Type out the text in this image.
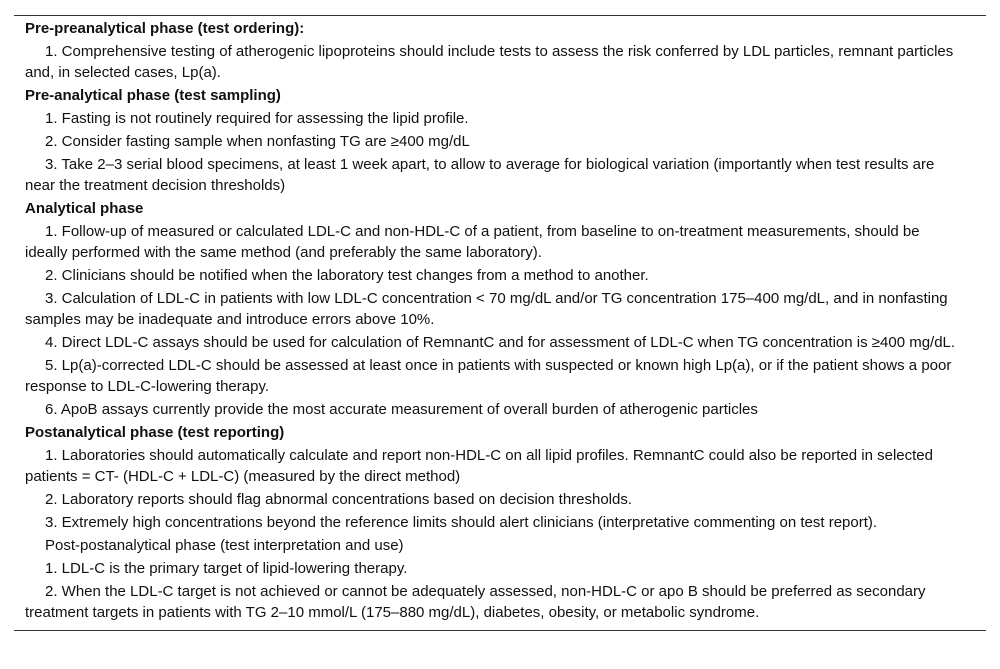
Pre-preanalytical phase (test ordering):
1. Comprehensive testing of atherogenic lipoproteins should include tests to assess the risk conferred by LDL particles, remnant particles and, in selected cases, Lp(a).
Pre-analytical phase (test sampling)
1. Fasting is not routinely required for assessing the lipid profile.
2. Consider fasting sample when nonfasting TG are ≥400 mg/dL
3. Take 2–3 serial blood specimens, at least 1 week apart, to allow to average for biological variation (importantly when test results are near the treatment decision thresholds)
Analytical phase
1. Follow-up of measured or calculated LDL-C and non-HDL-C of a patient, from baseline to on-treatment measurements, should be ideally performed with the same method (and preferably the same laboratory).
2. Clinicians should be notified when the laboratory test changes from a method to another.
3. Calculation of LDL-C in patients with low LDL-C concentration < 70 mg/dL and/or TG concentration 175–400 mg/dL, and in nonfasting samples may be inadequate and introduce errors above 10%.
4. Direct LDL-C assays should be used for calculation of RemnantC and for assessment of LDL-C when TG concentration is ≥400 mg/dL.
5. Lp(a)-corrected LDL-C should be assessed at least once in patients with suspected or known high Lp(a), or if the patient shows a poor response to LDL-C-lowering therapy.
6. ApoB assays currently provide the most accurate measurement of overall burden of atherogenic particles
Postanalytical phase (test reporting)
1. Laboratories should automatically calculate and report non-HDL-C on all lipid profiles. RemnantC could also be reported in selected patients = CT- (HDL-C + LDL-C) (measured by the direct method)
2. Laboratory reports should flag abnormal concentrations based on decision thresholds.
3. Extremely high concentrations beyond the reference limits should alert clinicians (interpretative commenting on test report).
Post-postanalytical phase (test interpretation and use)
1. LDL-C is the primary target of lipid-lowering therapy.
2. When the LDL-C target is not achieved or cannot be adequately assessed, non-HDL-C or apo B should be preferred as secondary treatment targets in patients with TG 2–10 mmol/L (175–880 mg/dL), diabetes, obesity, or metabolic syndrome.
